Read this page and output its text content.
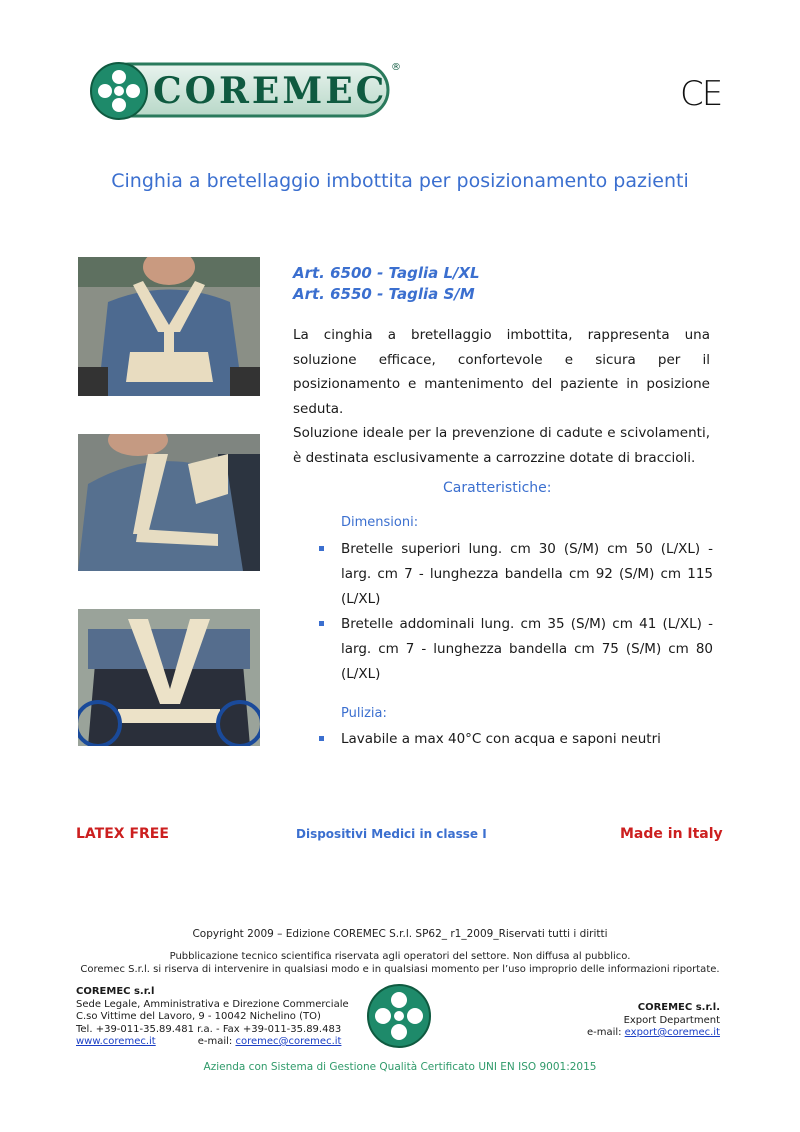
COREMEC
®
CE
Cinghia a bretellaggio imbottita per posizionamento pazienti
Art. 6500 - Taglia L/XL
Art. 6550 - Taglia S/M
La cinghia a bretellaggio imbottita, rappresenta una soluzione efficace, confortevole e sicura per il posizionamento e mantenimento del paziente in posizione seduta.
Soluzione ideale per la prevenzione di cadute e scivolamenti, è destinata esclusivamente a carrozzine dotate di braccioli.
Caratteristiche:
Dimensioni:
Bretelle superiori lung. cm 30 (S/M) cm 50 (L/XL) - larg. cm 7 - lunghezza bandella cm 92 (S/M) cm 115 (L/XL)
Bretelle addominali lung. cm 35 (S/M) cm 41 (L/XL) - larg. cm 7 - lunghezza bandella cm 75 (S/M) cm 80 (L/XL)
Pulizia:
Lavabile a max 40°C con acqua e saponi neutri
LATEX FREE	Dispositivi Medici in classe I	Made in Italy
Copyright 2009 – Edizione COREMEC S.r.l. SP62_ r1_2009_Riservati tutti i diritti
Pubblicazione tecnico scientifica riservata agli operatori del settore. Non diffusa al pubblico.
Coremec S.r.l. si riserva di intervenire in qualsiasi modo e in qualsiasi momento per l’uso improprio delle informazioni riportate.
COREMEC s.r.l
Sede Legale, Amministrativa e Direzione Commerciale
C.so Vittime del Lavoro, 9 - 10042 Nichelino (TO)
Tel. +39-011-35.89.481 r.a. - Fax +39-011-35.89.483
www.coremec.it	e-mail: coremec@coremec.it
COREMEC s.r.l.
Export Department
e-mail: export@coremec.it
Azienda con Sistema di Gestione Qualità Certificato UNI EN ISO 9001:2015
